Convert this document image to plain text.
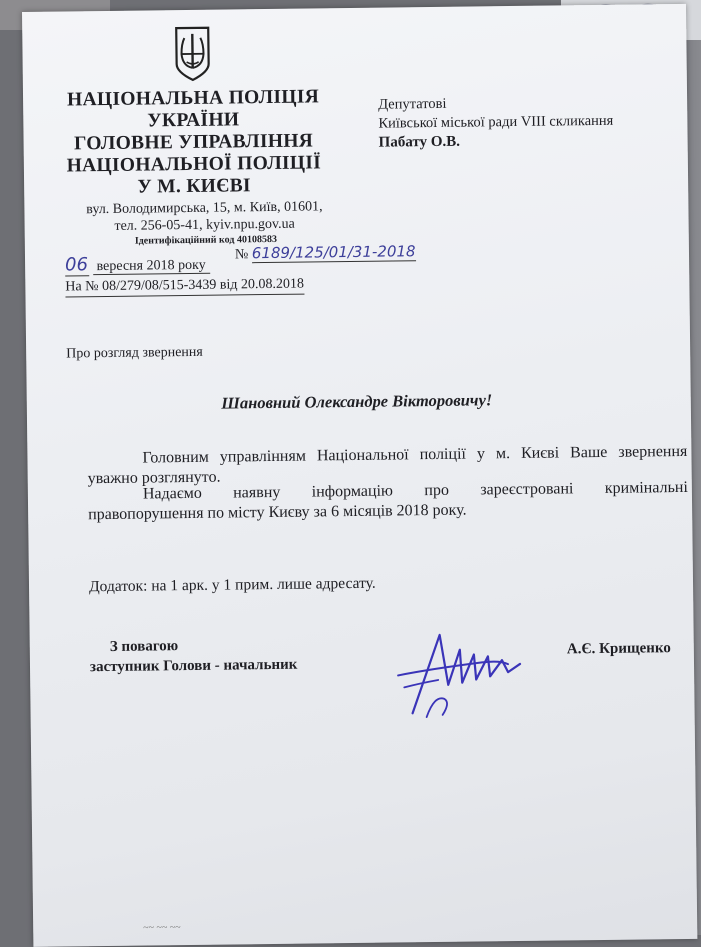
НАЦІОНАЛЬНА ПОЛІЦІЯ
УКРАЇНИ
ГОЛОВНЕ УПРАВЛІННЯ
НАЦІОНАЛЬНОЇ ПОЛІЦІЇ
У М. КИЄВІ
вул. Володимирська, 15, м. Київ, 01601,
тел. 256-05-41, kyiv.npu.gov.ua
Ідентифікаційний код 40108583
06 вересня 2018 року
№ 6189/125/01/31-2018
На № 08/279/08/515-3439 від 20.08.2018
Депутатові
Київської міської ради VIII скликання
Пабату О.В.
Про розгляд звернення
Шановний Олександре Вікторовичу!
Головним управлінням Національної поліції у м. Києві Ваше звернення
уважно розглянуто.
Надаємо наявну інформацію про зареєстровані кримінальні
правопорушення по місту Києву за 6 місяців 2018 року.
Додаток: на 1 арк. у 1 прим. лише адресату.
З повагою
заступник Голови - начальник
А.Є. Крищенко
~~ ~~ ~~
